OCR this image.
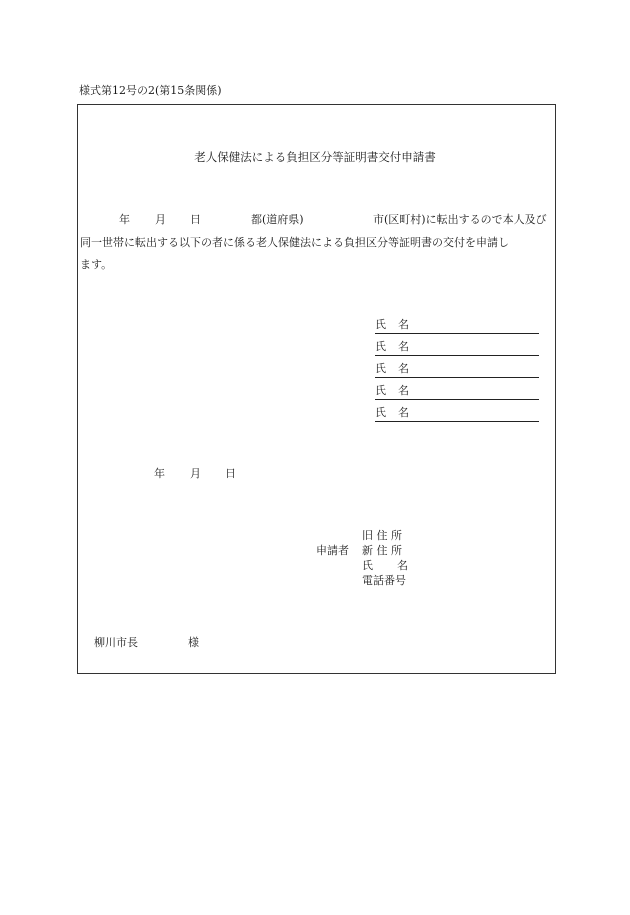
様式第12号の2(第15条関係)
老人保健法による負担区分等証明書交付申請書
年 月 日	都(道府県)	市(区町村)に転出するので本人及び
同一世帯に転出する以下の者に係る老人保健法による負担区分等証明書の交付を申請し
ます。
氏 名
氏 名
氏 名
氏 名
氏 名
年 月 日
旧 住 所
申請者 新 住 所
氏 名
電話番号
柳川市長	様
